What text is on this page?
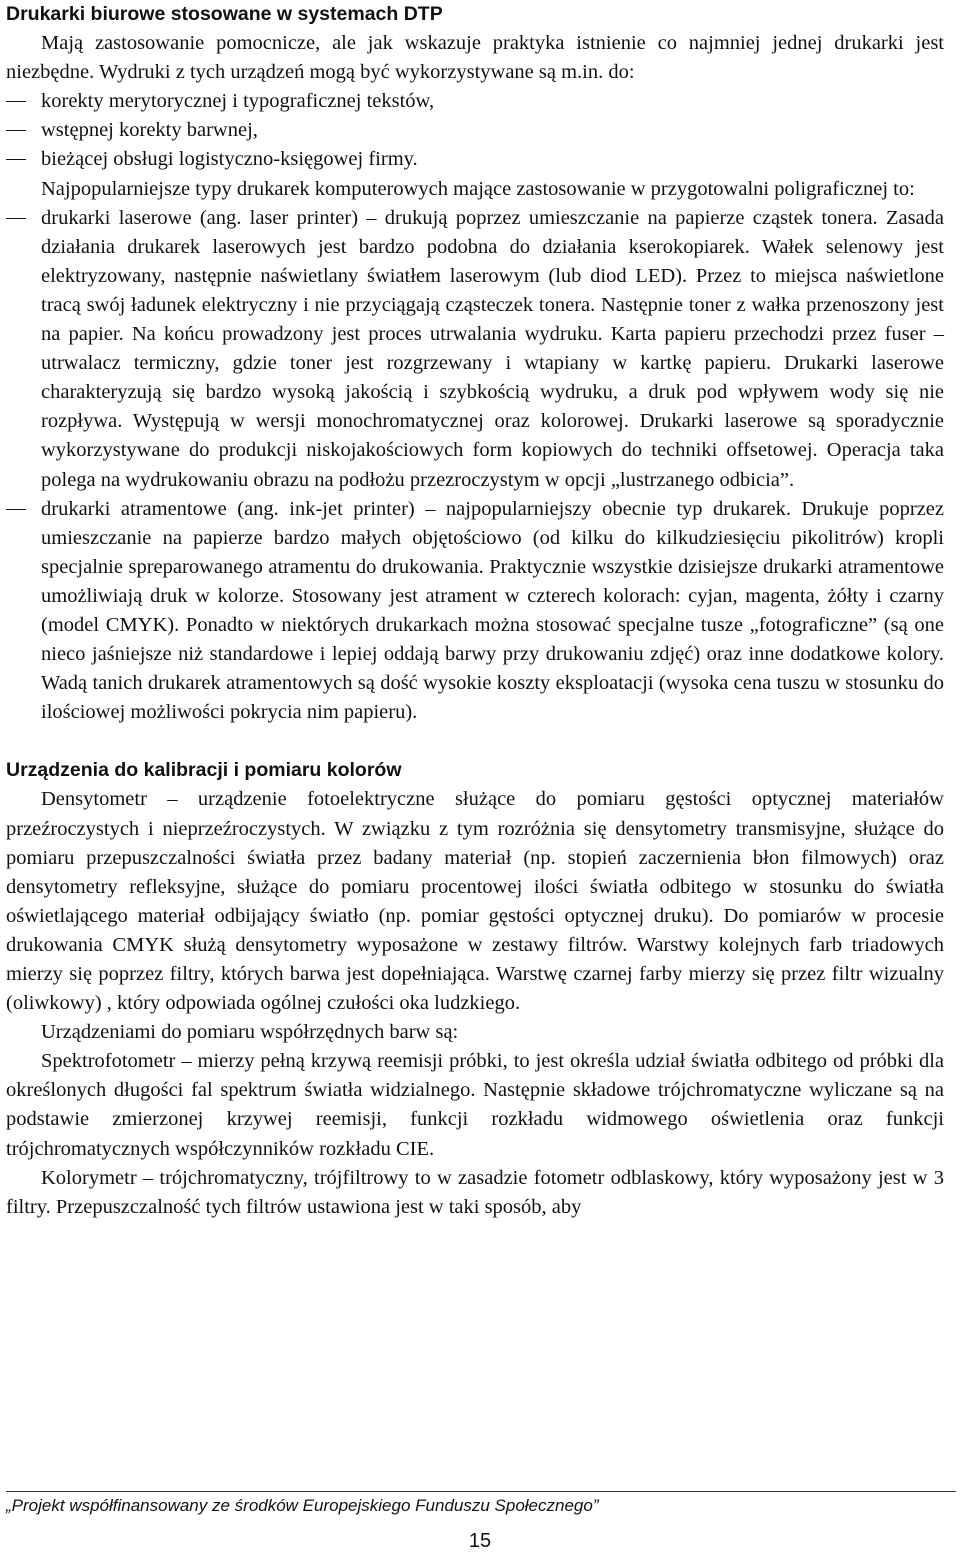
Drukarki biurowe stosowane w systemach DTP

Mają zastosowanie pomocnicze, ale jak wskazuje praktyka istnienie co najmniej jednej drukarki jest niezbędne. Wydruki z tych urządzeń mogą być wykorzystywane są m.in. do:

korekty merytorycznej i typograficznej tekstów,
wstępnej korekty barwnej,
bieżącej obsługi logistyczno-księgowej firmy.

Najpopularniejsze typy drukarek komputerowych mające zastosowanie w przygotowalni poligraficznej to:

drukarki laserowe (ang. laser printer) – drukują poprzez umieszczanie na papierze cząstek tonera. Zasada działania drukarek laserowych jest bardzo podobna do działania kserokopiarek. Wałek selenowy jest elektryzowany, następnie naświetlany światłem laserowym (lub diod LED). Przez to miejsca naświetlone tracą swój ładunek elektryczny i nie przyciągają cząsteczek tonera. Następnie toner z wałka przenoszony jest na papier. Na końcu prowadzony jest proces utrwalania wydruku. Karta papieru przechodzi przez fuser – utrwalacz termiczny, gdzie toner jest rozgrzewany i wtapiany w kartkę papieru. Drukarki laserowe charakteryzują się bardzo wysoką jakością i szybkością wydruku, a druk pod wpływem wody się nie rozpływa. Występują w wersji monochromatycznej oraz kolorowej. Drukarki laserowe są sporadycznie wykorzystywane do produkcji niskojakościowych form kopiowych do techniki offsetowej. Operacja taka polega na wydrukowaniu obrazu na podłożu przezroczystym w opcji „lustrzanego odbicia”.
drukarki atramentowe (ang. ink-jet printer) – najpopularniejszy obecnie typ drukarek. Drukuje poprzez umieszczanie na papierze bardzo małych objętościowo (od kilku do kilkudziesięciu pikolitrów) kropli specjalnie spreparowanego atramentu do drukowania. Praktycznie wszystkie dzisiejsze drukarki atramentowe umożliwiają druk w kolorze. Stosowany jest atrament w czterech kolorach: cyjan, magenta, żółty i czarny (model CMYK). Ponadto w niektórych drukarkach można stosować specjalne tusze „fotograficzne” (są one nieco jaśniejsze niż standardowe i lepiej oddają barwy przy drukowaniu zdjęć) oraz inne dodatkowe kolory. Wadą tanich drukarek atramentowych są dość wysokie koszty eksploatacji (wysoka cena tuszu w stosunku do ilościowej możliwości pokrycia nim papieru).
Urządzenia do kalibracji i pomiaru kolorów

Densytometr – urządzenie fotoelektryczne służące do pomiaru gęstości optycznej materiałów przeźroczystych i nieprzeźroczystych. W związku z tym rozróżnia się densytometry transmisyjne, służące do pomiaru przepuszczalności światła przez badany materiał (np. stopień zaczernienia błon filmowych) oraz densytometry refleksyjne, służące do pomiaru procentowej ilości światła odbitego w stosunku do światła oświetlającego materiał odbijający światło (np. pomiar gęstości optycznej druku). Do pomiarów w procesie drukowania CMYK służą densytometry wyposażone w zestawy filtrów. Warstwy kolejnych farb triadowych mierzy się poprzez filtry, których barwa jest dopełniająca. Warstwę czarnej farby mierzy się przez filtr wizualny (oliwkowy) , który odpowiada ogólnej czułości oka ludzkiego.

Urządzeniami do pomiaru współrzędnych barw są:

Spektrofotometr – mierzy pełną krzywą reemisji próbki, to jest określa udział światła odbitego od próbki dla określonych długości fal spektrum światła widzialnego. Następnie składowe trójchromatyczne wyliczane są na podstawie zmierzonej krzywej reemisji, funkcji rozkładu widmowego oświetlenia oraz funkcji trójchromatycznych współczynników rozkładu CIE.

Kolorymetr – trójchromatyczny, trójfiltrowy to w zasadzie fotometr odblaskowy, który wyposażony jest w 3 filtry. Przepuszczalność tych filtrów ustawiona jest w taki sposób, aby

„Projekt współfinansowany ze środków Europejskiego Funduszu Społecznego”
15
